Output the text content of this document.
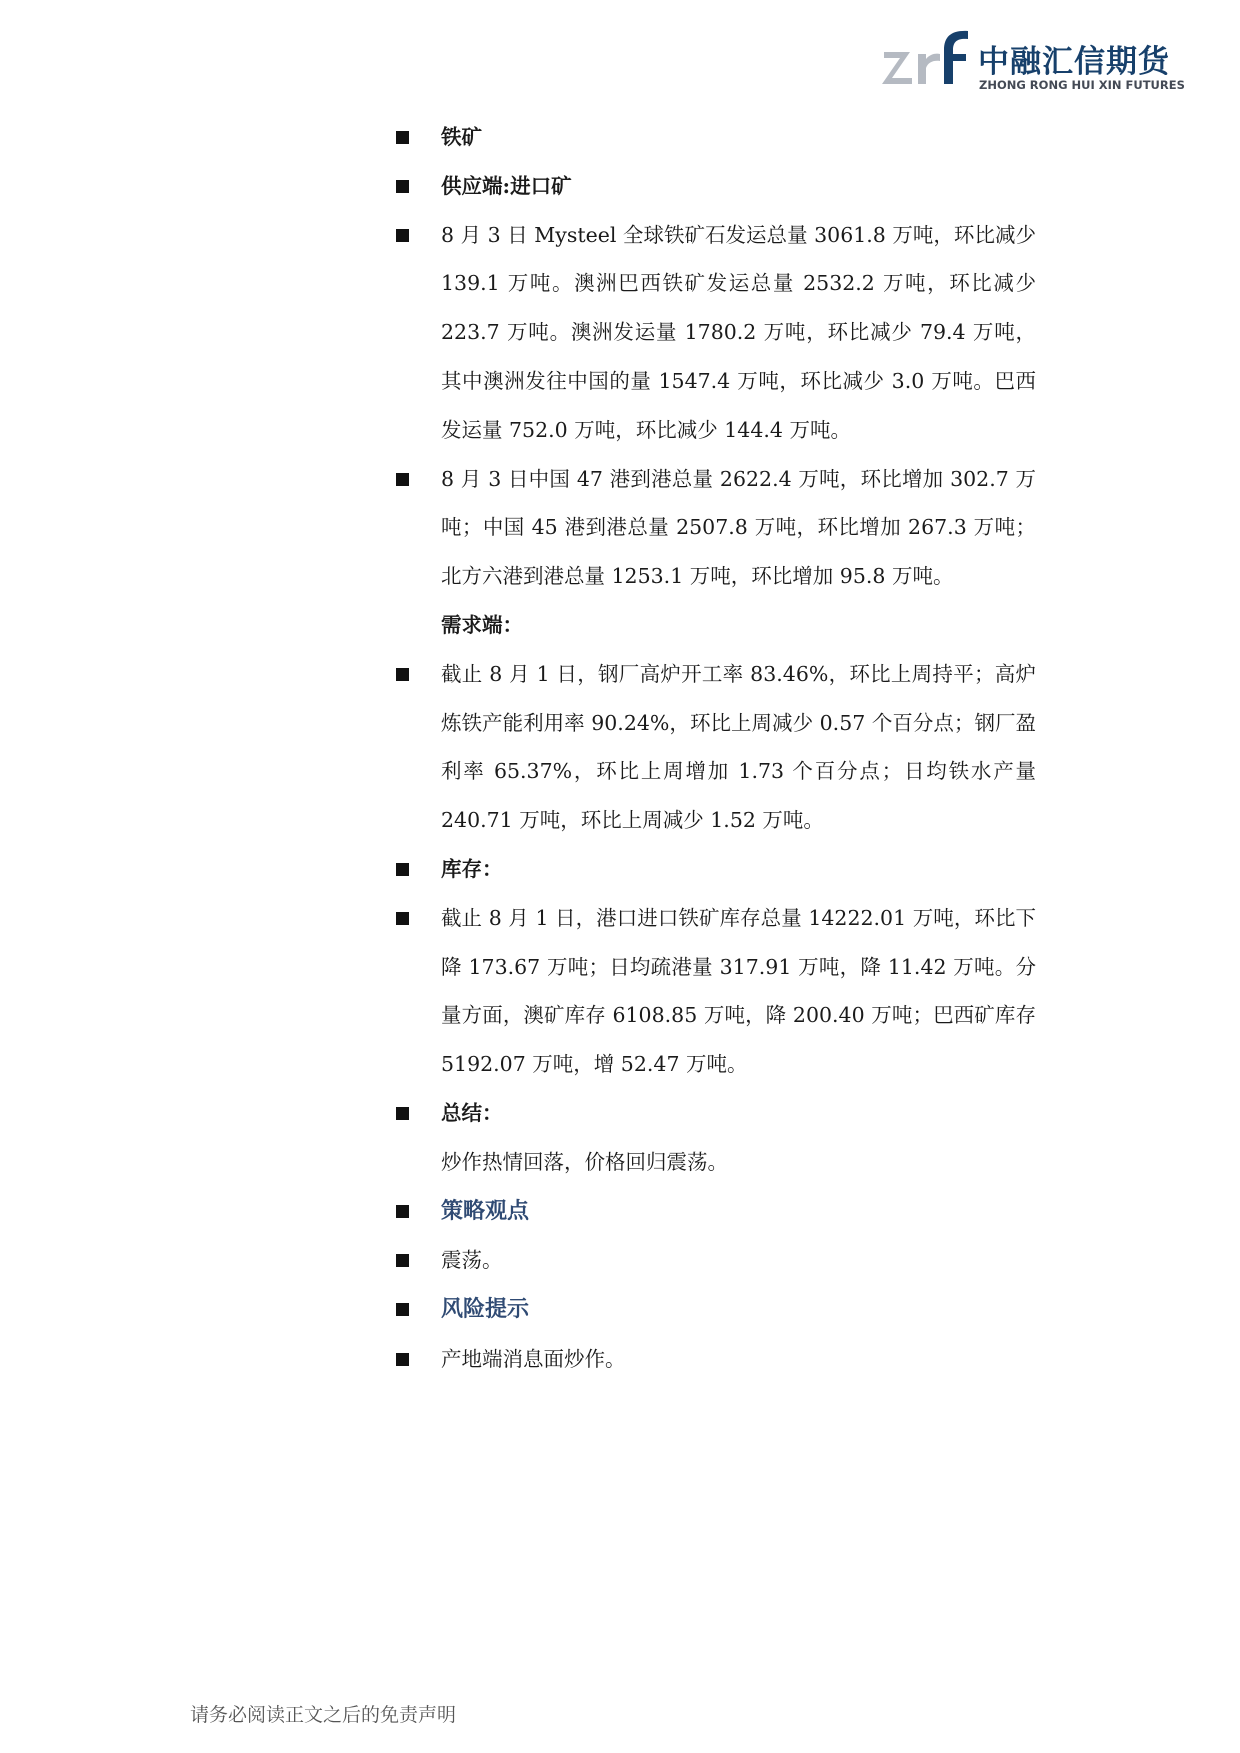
中融汇信期货
ZHONG RONG HUI XIN FUTURES
铁矿
供应端:进口矿
8 月 3 日 Mysteel 全球铁矿石发运总量 3061.8 万吨，环比减少 139.1 万吨。澳洲巴西铁矿发运总量 2532.2 万吨，环比减少 223.7 万吨。澳洲发运量 1780.2 万吨，环比减少 79.4 万吨，其中澳洲发往中国的量 1547.4 万吨，环比减少 3.0 万吨。巴西发运量 752.0 万吨，环比减少 144.4 万吨。
8 月 3 日中国 47 港到港总量 2622.4 万吨，环比增加 302.7 万吨；中国 45 港到港总量 2507.8 万吨，环比增加 267.3 万吨；北方六港到港总量 1253.1 万吨，环比增加 95.8 万吨。
需求端：
截止 8 月 1 日，钢厂高炉开工率 83.46%，环比上周持平；高炉炼铁产能利用率 90.24%，环比上周减少 0.57 个百分点；钢厂盈利率 65.37%，环比上周增加 1.73 个百分点；日均铁水产量 240.71 万吨，环比上周减少 1.52 万吨。
库存：
截止 8 月 1 日，港口进口铁矿库存总量 14222.01 万吨，环比下降 173.67 万吨；日均疏港量 317.91 万吨，降 11.42 万吨。分量方面，澳矿库存 6108.85 万吨，降 200.40 万吨；巴西矿库存 5192.07 万吨，增 52.47 万吨。
总结：
炒作热情回落，价格回归震荡。
策略观点
震荡。
风险提示
产地端消息面炒作。
请务必阅读正文之后的免责声明
